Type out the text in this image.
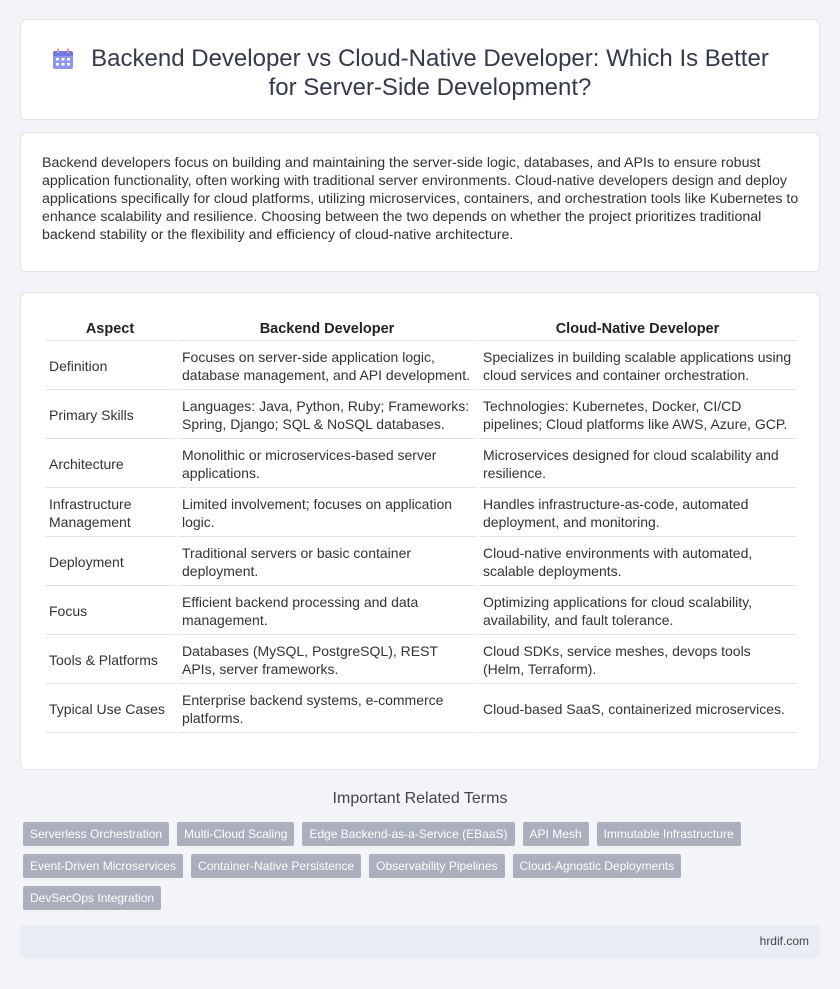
Backend Developer vs Cloud-Native Developer: Which Is Better for Server-Side Development?

Backend developers focus on building and maintaining the server-side logic, databases, and APIs to ensure robust application functionality, often working with traditional server environments. Cloud-native developers design and deploy applications specifically for cloud platforms, utilizing microservices, containers, and orchestration tools like Kubernetes to enhance scalability and resilience. Choosing between the two depends on whether the project prioritizes traditional backend stability or the flexibility and efficiency of cloud-native architecture.

Aspect	Backend Developer	Cloud-Native Developer
Definition	Focuses on server-side application logic, database management, and API development.	Specializes in building scalable applications using cloud services and container orchestration.
Primary Skills	Languages: Java, Python, Ruby; Frameworks: Spring, Django; SQL & NoSQL databases.	Technologies: Kubernetes, Docker, CI/CD pipelines; Cloud platforms like AWS, Azure, GCP.
Architecture	Monolithic or microservices-based server applications.	Microservices designed for cloud scalability and resilience.
Infrastructure Management	Limited involvement; focuses on application logic.	Handles infrastructure-as-code, automated deployment, and monitoring.
Deployment	Traditional servers or basic container deployment.	Cloud-native environments with automated, scalable deployments.
Focus	Efficient backend processing and data management.	Optimizing applications for cloud scalability, availability, and fault tolerance.
Tools & Platforms	Databases (MySQL, PostgreSQL), REST APIs, server frameworks.	Cloud SDKs, service meshes, devops tools (Helm, Terraform).
Typical Use Cases	Enterprise backend systems, e-commerce platforms.	Cloud-based SaaS, containerized microservices.
Important Related Terms
Serverless Orchestration	Multi-Cloud Scaling	Edge Backend-as-a-Service (EBaaS)	API Mesh	Immutable Infrastructure
Event-Driven Microservices	Container-Native Persistence	Observability Pipelines	Cloud-Agnostic Deployments
DevSecOps Integration
hrdif.com
